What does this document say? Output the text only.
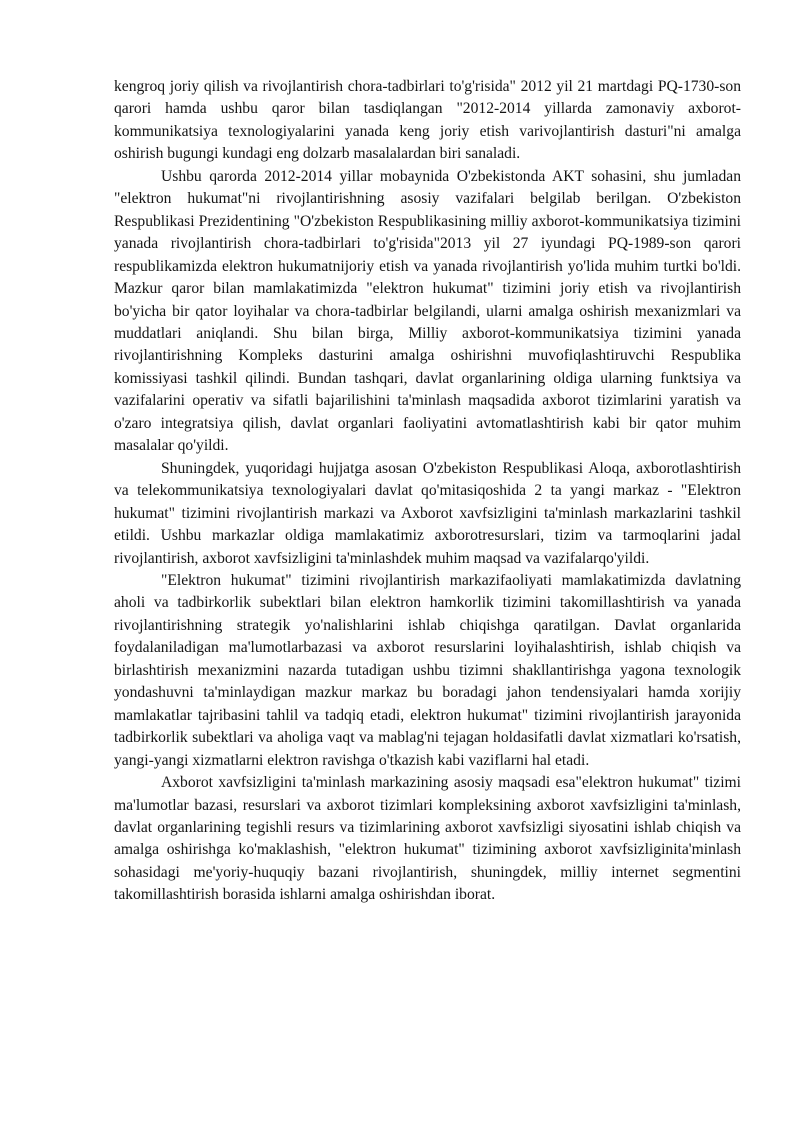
kengroq joriy qilish va rivojlantirish chora-tadbirlari to'g'risida" 2012 yil 21 martdagi PQ-1730-son qarori hamda ushbu qaror bilan tasdiqlangan "2012-2014 yillarda zamonaviy axborot-kommunikatsiya texnologiyalarini yanada keng joriy etish varivojlantirish dasturi"ni amalga oshirish bugungi kundagi eng dolzarb masalalardan biri sanaladi.

Ushbu qarorda 2012-2014 yillar mobaynida O'zbekistonda AKT sohasini, shu jumladan "elektron hukumat"ni rivojlantirishning asosiy vazifalari belgilab berilgan. O'zbekiston Respublikasi Prezidentining "O'zbekiston Respublikasining milliy axborot-kommunikatsiya tizimini yanada rivojlantirish chora-tadbirlari to'g'risida"2013 yil 27 iyundagi PQ-1989-son qarori respublikamizda elektron hukumatnijoriy etish va yanada rivojlantirish yo'lida muhim turtki bo'ldi. Mazkur qaror bilan mamlakatimizda "elektron hukumat" tizimini joriy etish va rivojlantirish bo'yicha bir qator loyihalar va chora-tadbirlar belgilandi, ularni amalga oshirish mexanizmlari va muddatlari aniqlandi. Shu bilan birga, Milliy axborot-kommunikatsiya tizimini yanada rivojlantirishning Kompleks dasturini amalga oshirishni muvofiqlashtiruvchi Respublika komissiyasi tashkil qilindi. Bundan tashqari, davlat organlarining oldiga ularning funktsiya va vazifalarini operativ va sifatli bajarilishini ta'minlash maqsadida axborot tizimlarini yaratish va o'zaro integratsiya qilish, davlat organlari faoliyatini avtomatlashtirish kabi bir qator muhim masalalar qo'yildi.

Shuningdek, yuqoridagi hujjatga asosan O'zbekiston Respublikasi Aloqa, axborotlashtirish va telekommunikatsiya texnologiyalari davlat qo'mitasiqoshida 2 ta yangi markaz - "Elektron hukumat" tizimini rivojlantirish markazi va Axborot xavfsizligini ta'minlash markazlarini tashkil etildi. Ushbu markazlar oldiga mamlakatimiz axborotresurslari, tizim va tarmoqlarini jadal rivojlantirish, axborot xavfsizligini ta'minlashdek muhim maqsad va vazifalarqo'yildi.

"Elektron hukumat" tizimini rivojlantirish markazifaoliyati mamlakatimizda davlatning aholi va tadbirkorlik subektlari bilan elektron hamkorlik tizimini takomillashtirish va yanada rivojlantirishning strategik yo'nalishlarini ishlab chiqishga qaratilgan. Davlat organlarida foydalaniladigan ma'lumotlarbazasi va axborot resurslarini loyihalashtirish, ishlab chiqish va birlashtirish mexanizmini nazarda tutadigan ushbu tizimni shakllantirishga yagona texnologik yondashuvni ta'minlaydigan mazkur markaz bu boradagi jahon tendensiyalari hamda xorijiy mamlakatlar tajribasini tahlil va tadqiq etadi, elektron hukumat" tizimini rivojlantirish jarayonida tadbirkorlik subektlari va aholiga vaqt va mablag'ni tejagan holdasifatli davlat xizmatlari ko'rsatish, yangi-yangi xizmatlarni elektron ravishga o'tkazish kabi vaziflarni hal etadi.

Axborot xavfsizligini ta'minlash markazining asosiy maqsadi esa"elektron hukumat" tizimi ma'lumotlar bazasi, resurslari va axborot tizimlari kompleksining axborot xavfsizligini ta'minlash, davlat organlarining tegishli resurs va tizimlarining axborot xavfsizligi siyosatini ishlab chiqish va amalga oshirishga ko'maklashish, "elektron hukumat" tizimining axborot xavfsizliginita'minlash sohasidagi me'yoriy-huquqiy bazani rivojlantirish, shuningdek, milliy internet segmentini takomillashtirish borasida ishlarni amalga oshirishdan iborat.
